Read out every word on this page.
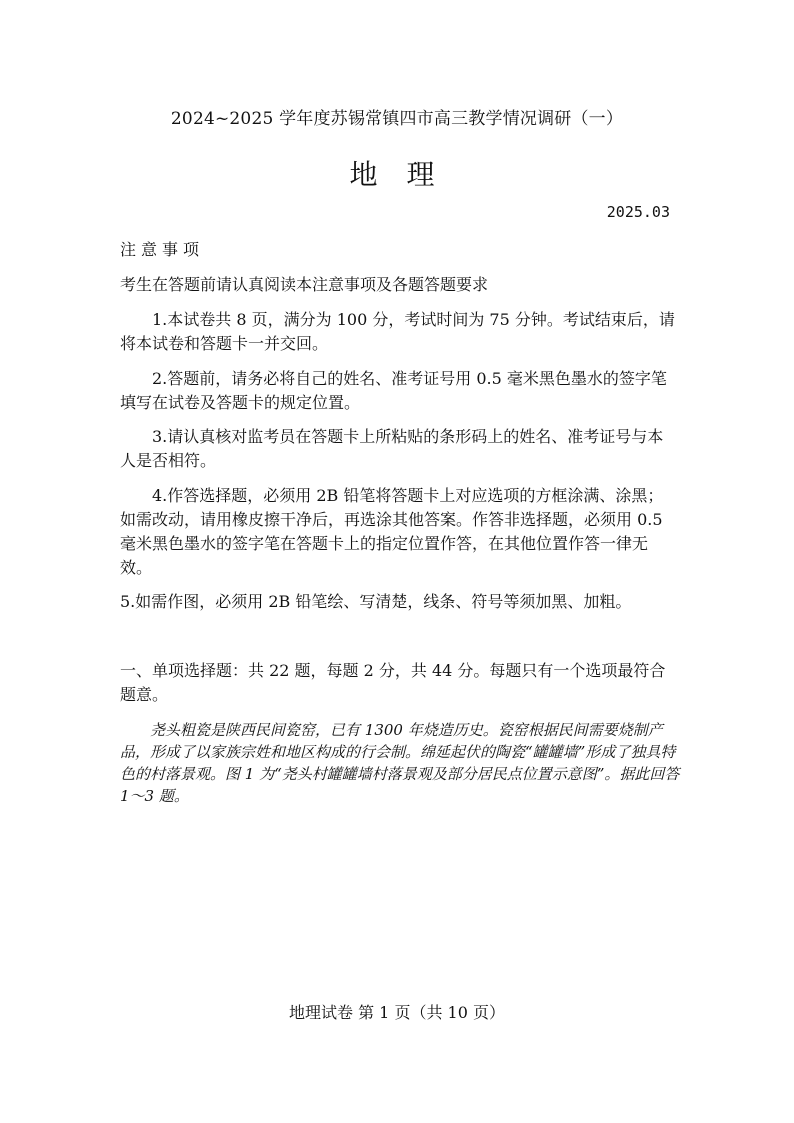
2024~2025 学年度苏锡常镇四市高三教学情况调研（一）
地 理
2025.03
注意事项
考生在答题前请认真阅读本注意事项及各题答题要求
1.本试卷共 8 页，满分为 100 分，考试时间为 75 分钟。考试结束后，请将本试卷和答题卡一并交回。
2.答题前，请务必将自己的姓名、准考证号用 0.5 毫米黑色墨水的签字笔填写在试卷及答题卡的规定位置。
3.请认真核对监考员在答题卡上所粘贴的条形码上的姓名、准考证号与本人是否相符。
4.作答选择题，必须用 2B 铅笔将答题卡上对应选项的方框涂满、涂黑；如需改动，请用橡皮擦干净后，再选涂其他答案。作答非选择题，必须用 0.5 毫米黑色墨水的签字笔在答题卡上的指定位置作答，在其他位置作答一律无效。
5.如需作图，必须用 2B 铅笔绘、写清楚，线条、符号等须加黑、加粗。
一、单项选择题：共 22 题，每题 2 分，共 44 分。每题只有一个选项最符合题意。
尧头粗瓷是陕西民间瓷窑，已有 1300 年烧造历史。瓷窑根据民间需要烧制产品，形成了以家族宗姓和地区构成的行会制。绵延起伏的陶瓷“罐罐墙”形成了独具特色的村落景观。图 1 为“尧头村罐罐墙村落景观及部分居民点位置示意图”。据此回答 1～3 题。
地理试卷 第 1 页（共 10 页）
